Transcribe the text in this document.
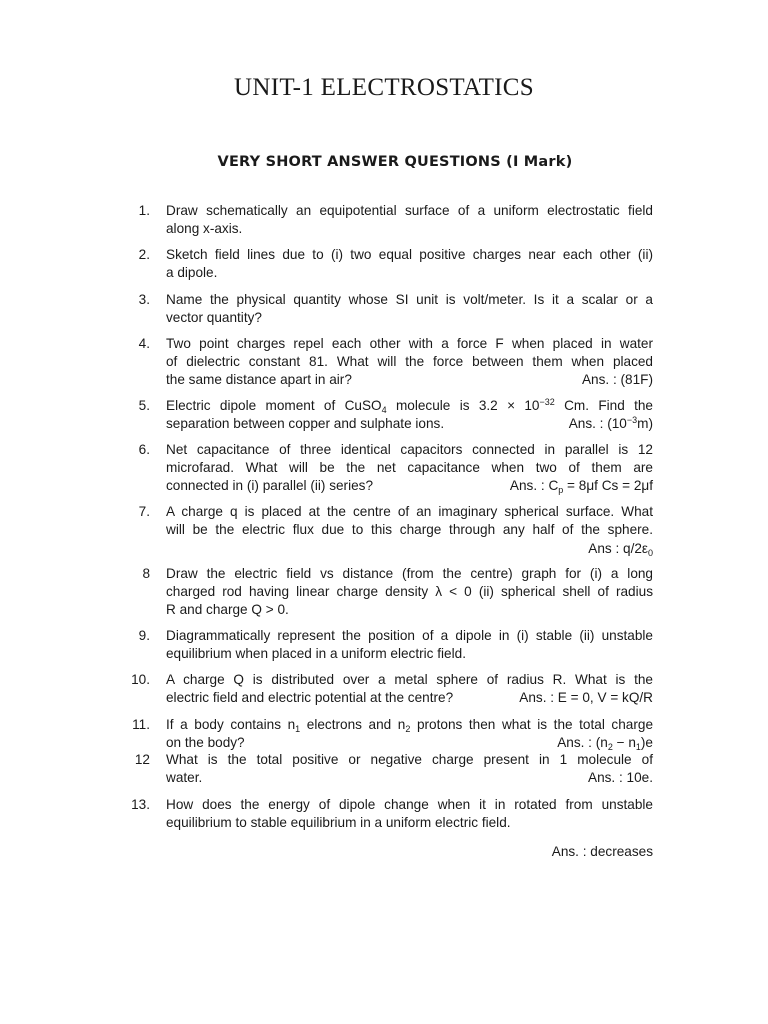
UNIT-1 ELECTROSTATICS
VERY SHORT ANSWER QUESTIONS (I Mark)
1. Draw schematically an equipotential surface of a uniform electrostatic field
along x-axis.
2. Sketch field lines due to (i) two equal positive charges near each other (ii)
a dipole.
3. Name the physical quantity whose SI unit is volt/meter. Is it a scalar or a
vector quantity?
4. Two point charges repel each other with a force F when placed in water
of dielectric constant 81. What will the force between them when placed
the same distance apart in air?	Ans. : (81F)
5. Electric dipole moment of CuSO$_4$ molecule is $3.2 \times 10^{-32}$ Cm. Find the
separation between copper and sulphate ions.	Ans. : $(10^{-3}m)$
6. Net capacitance of three identical capacitors connected in parallel is 12
microfarad. What will be the net capacitance when two of them are
connected in (i) parallel (ii) series?	Ans. : $C_p = 8\mu f$ Cs = 2μf
7. A charge q is placed at the centre of an imaginary spherical surface. What
will be the electric flux due to this charge through any half of the sphere.
Ans : $q/2\varepsilon_0$
8 Draw the electric field vs distance (from the centre) graph for (i) a long
charged rod having linear charge density λ < 0 (ii) spherical shell of radius
R and charge Q > 0.
9. Diagrammatically represent the position of a dipole in (i) stable (ii) unstable
equilibrium when placed in a uniform electric field.
10. A charge Q is distributed over a metal sphere of radius R. What is the
electric field and electric potential at the centre?	Ans. : E = 0, V = kQ/R
11. If a body contains $n_1$ electrons and $n_2$ protons then what is the total charge
on the body?	Ans. : $(n_2 - n_1)e$
12 What is the total positive or negative charge present in 1 molecule of
water.	Ans. : 10e.
13. How does the energy of dipole change when it in rotated from unstable
equilibrium to stable equilibrium in a uniform electric field.
Ans. : decreases
